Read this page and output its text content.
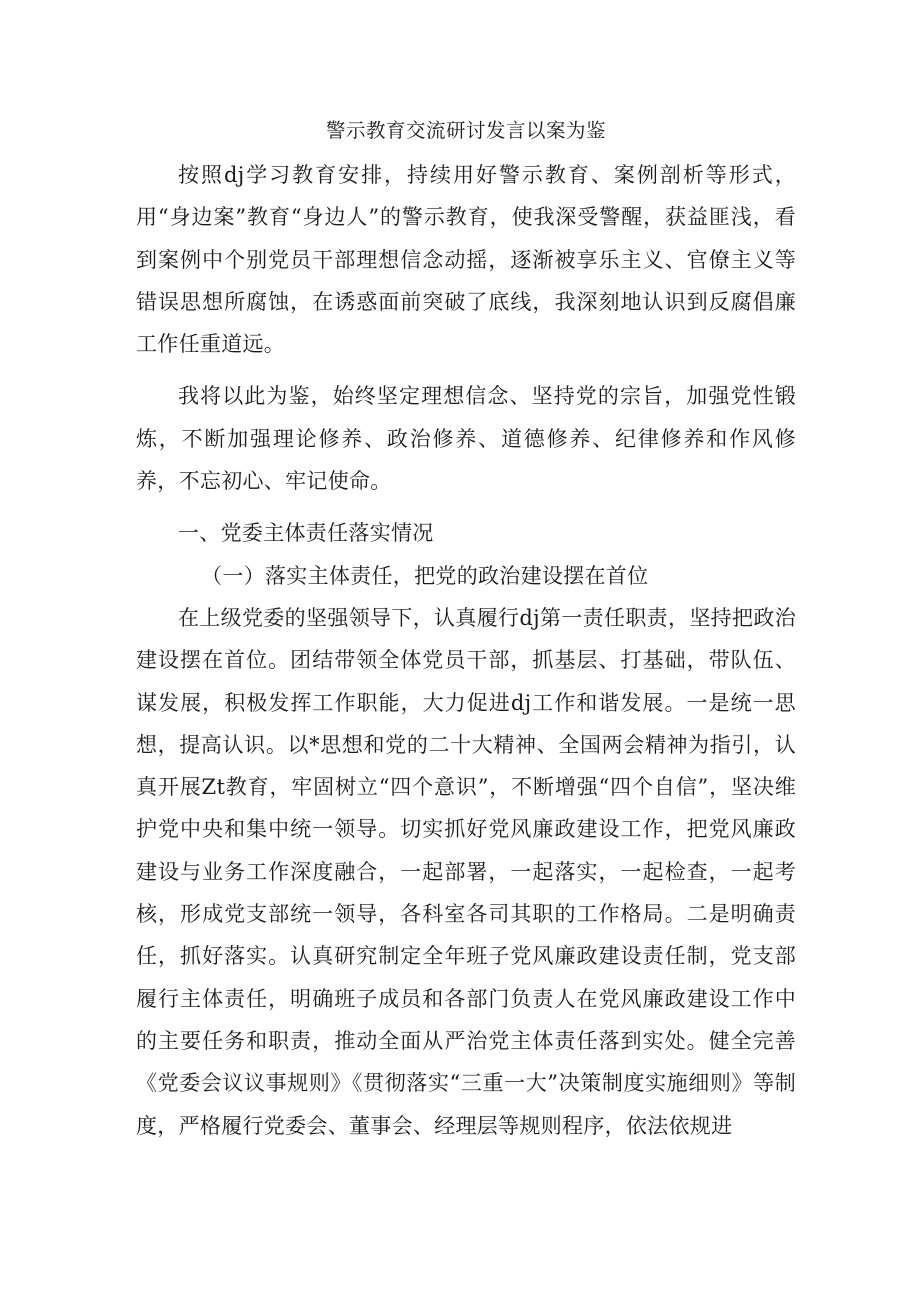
警示教育交流研讨发言以案为鉴

按照dj学习教育安排，持续用好警示教育、案例剖析等形式，用“身边案”教育“身边人”的警示教育，使我深受警醒，获益匪浅，看到案例中个别党员干部理想信念动摇，逐渐被享乐主义、官僚主义等错误思想所腐蚀，在诱惑面前突破了底线，我深刻地认识到反腐倡廉工作任重道远。

我将以此为鉴，始终坚定理想信念、坚持党的宗旨，加强党性锻炼，不断加强理论修养、政治修养、道德修养、纪律修养和作风修养，不忘初心、牢记使命。

一、党委主体责任落实情况

（一）落实主体责任，把党的政治建设摆在首位

在上级党委的坚强领导下，认真履行dj第一责任职责，坚持把政治建设摆在首位。团结带领全体党员干部，抓基层、打基础，带队伍、谋发展，积极发挥工作职能，大力促进dj工作和谐发展。一是统一思想，提高认识。以*思想和党的二十大精神、全国两会精神为指引，认真开展Zt教育，牢固树立“四个意识”，不断增强“四个自信”，坚决维护党中央和集中统一领导。切实抓好党风廉政建设工作，把党风廉政建设与业务工作深度融合，一起部署，一起落实，一起检查，一起考核，形成党支部统一领导，各科室各司其职的工作格局。二是明确责任，抓好落实。认真研究制定全年班子党风廉政建设责任制，党支部履行主体责任，明确班子成员和各部门负责人在党风廉政建设工作中的主要任务和职责，推动全面从严治党主体责任落到实处。健全完善《党委会议议事规则》《贯彻落实“三重一大”决策制度实施细则》等制度，严格履行党委会、董事会、经理层等规则程序，依法依规进
